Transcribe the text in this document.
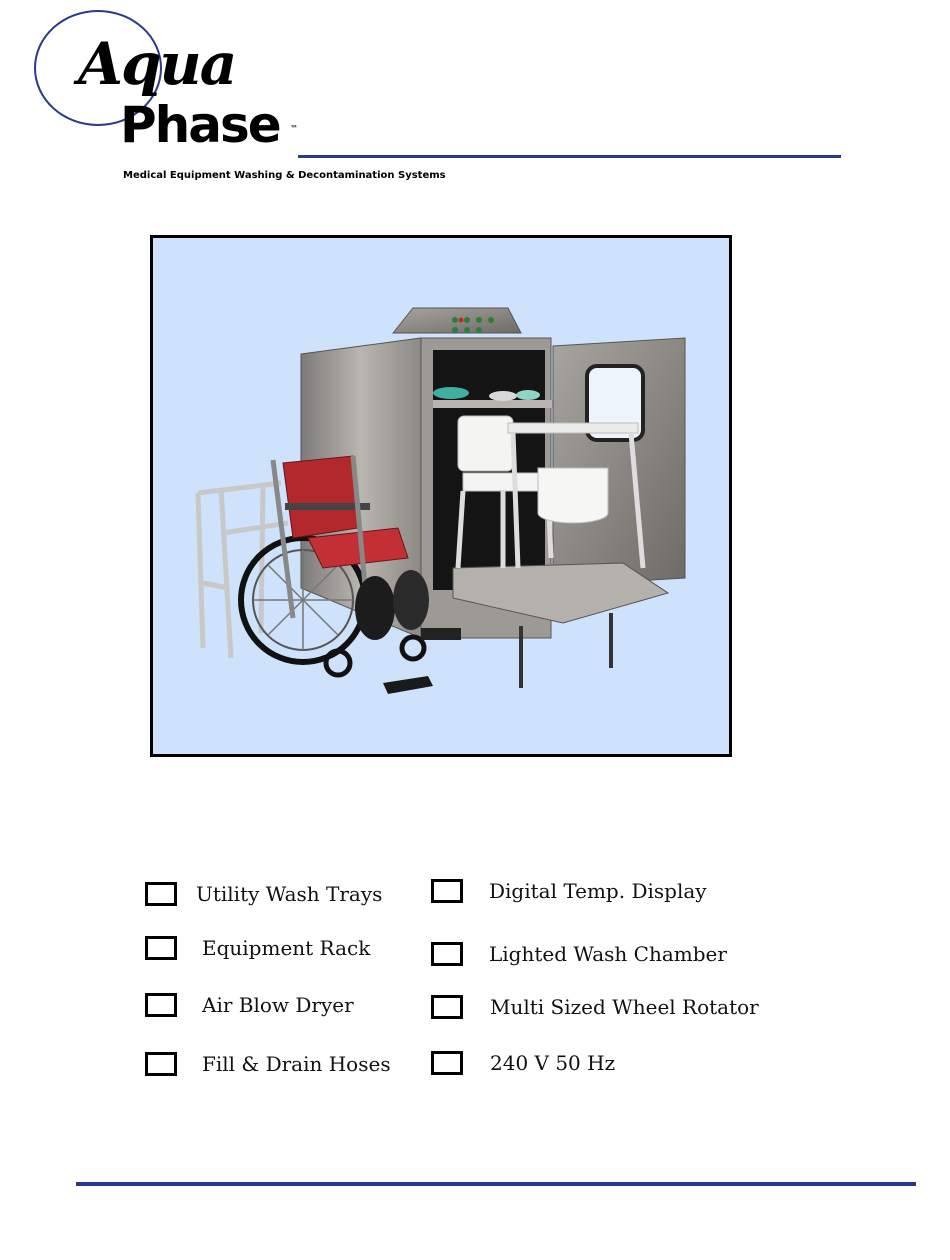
Aqua
Phase ™
Medical Equipment Washing & Decontamination Systems
Utility Wash Trays
Equipment Rack
Air Blow Dryer
Fill & Drain Hoses
Digital Temp. Display
Lighted Wash Chamber
Multi Sized Wheel Rotator
240 V 50 Hz
